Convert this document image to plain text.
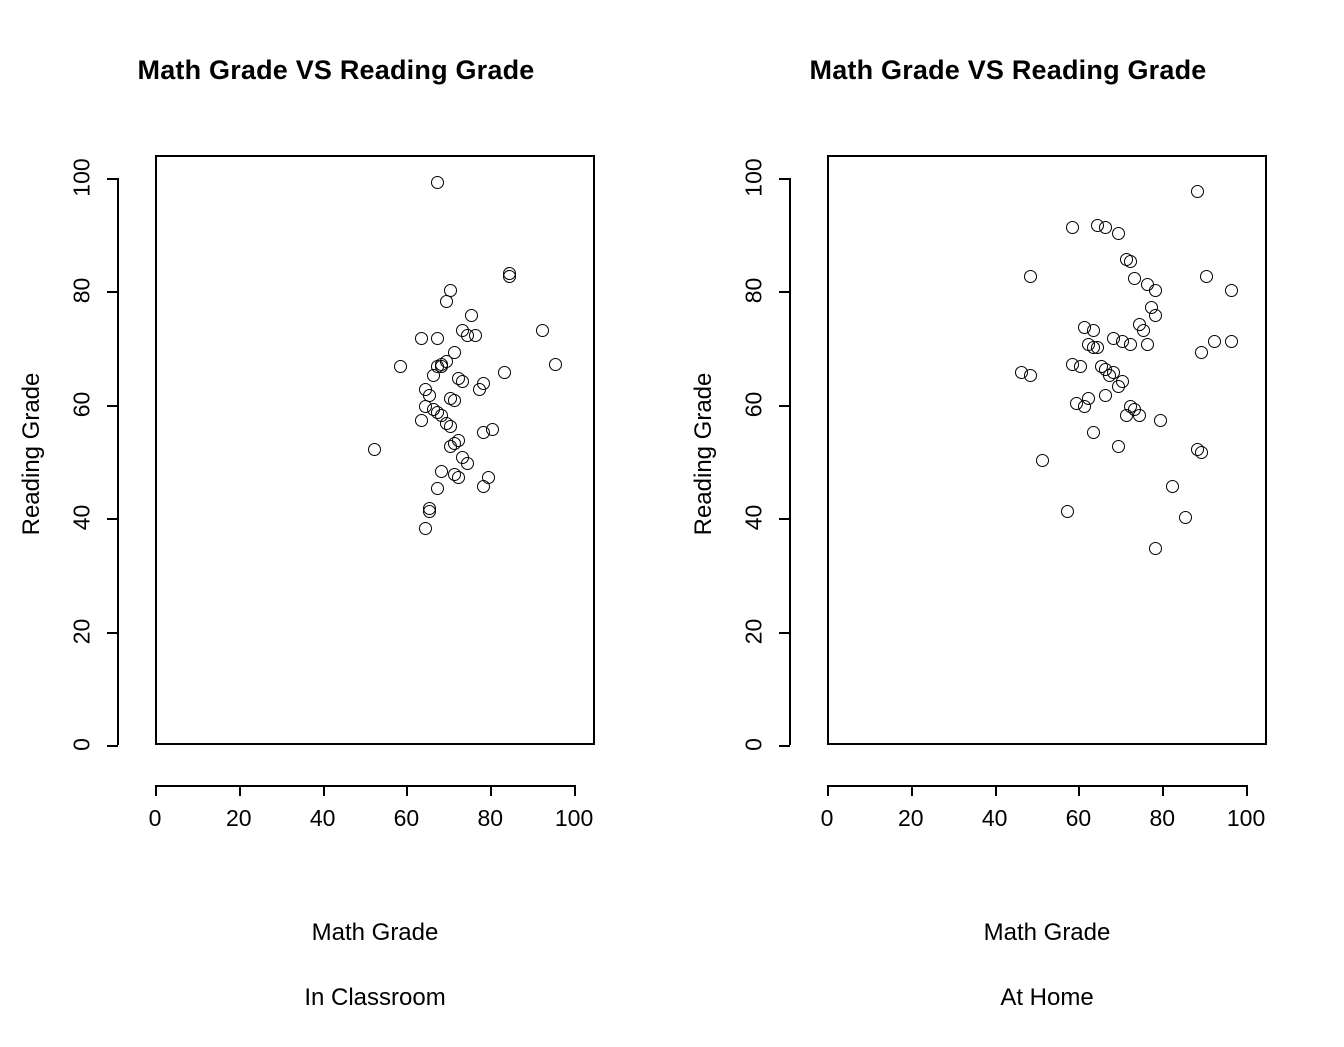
Math Grade VS Reading Grade
0	20	40	60	80	100
0
20
40
60
80
100

Math Grade

In Classroom

Reading Grade
Math Grade VS Reading Grade
0	20	40	60	80	100
0
20
40
60
80
100

Math Grade

At Home

Reading Grade
